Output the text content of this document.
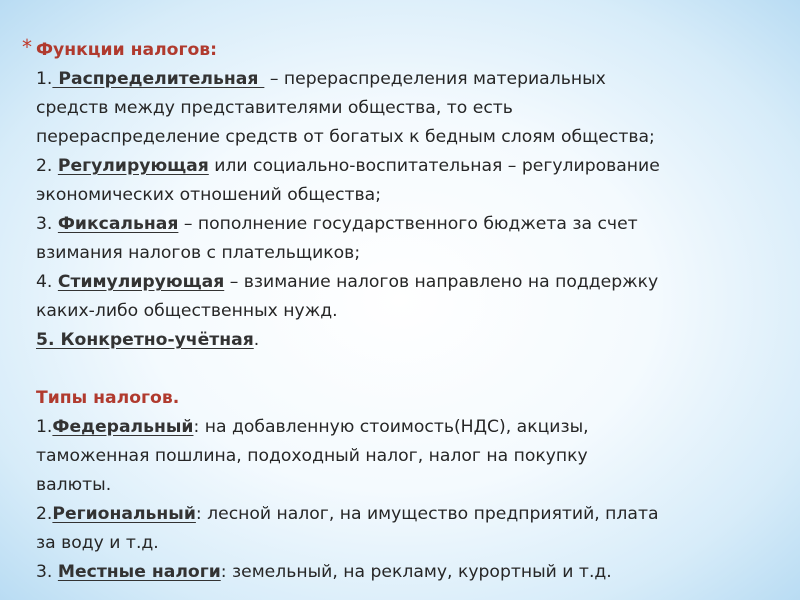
* Функции налогов:
1. Распределительная  – перераспределения материальных
средств между представителями общества, то есть
перераспределение средств от богатых к бедным слоям общества;
2. Регулирующая или социально-воспитательная – регулирование
экономических отношений общества;
3. Фиксальная – пополнение государственного бюджета за счет
взимания налогов с плательщиков;
4. Стимулирующая – взимание налогов направлено на поддержку
каких-либо общественных нужд.
5. Конкретно-учётная.
Типы налогов.
1.Федеральный: на добавленную стоимость(НДС), акцизы,
таможенная пошлина, подоходный налог, налог на покупку
валюты.
2.Региональный: лесной налог, на имущество предприятий, плата
за воду и т.д.
3. Местные налоги: земельный, на рекламу, курортный и т.д.
